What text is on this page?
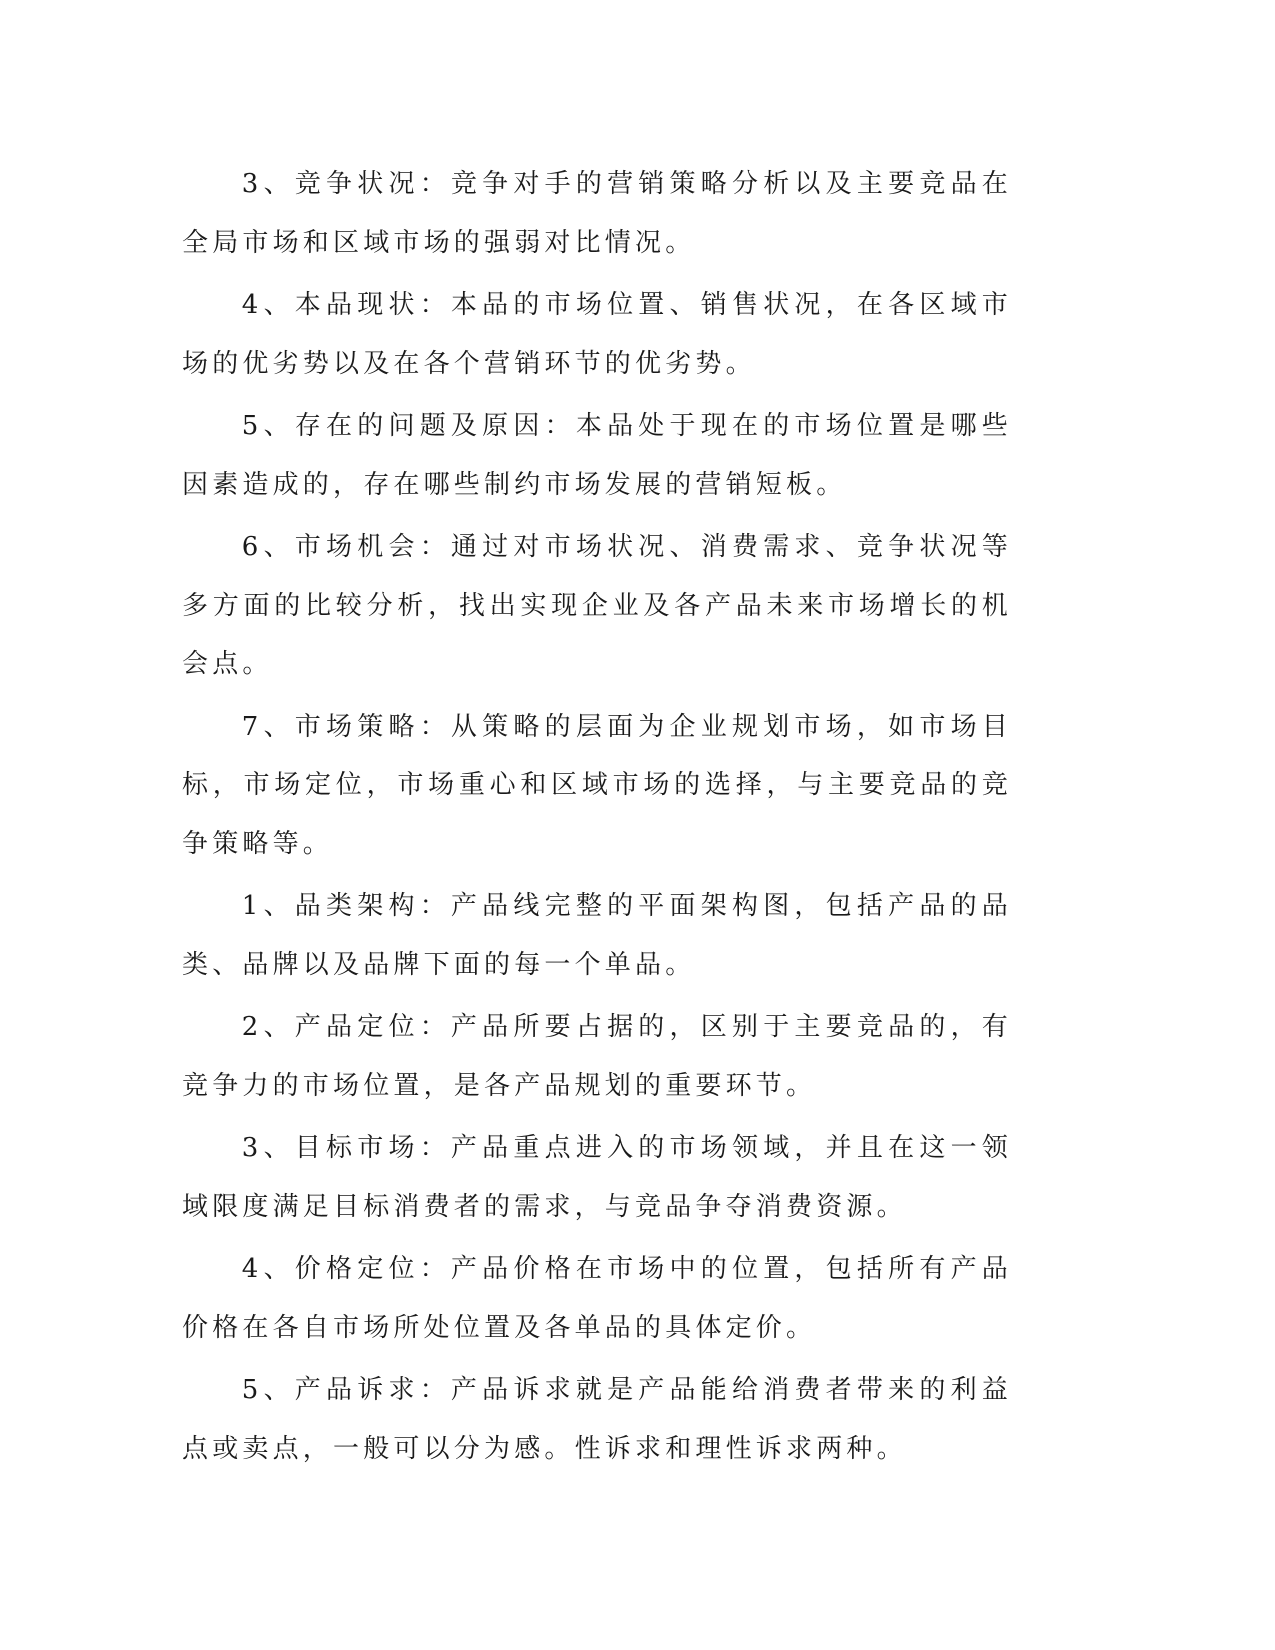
3、竞争状况：竞争对手的营销策略分析以及主要竞品在全局市场和区域市场的强弱对比情况。

4、本品现状：本品的市场位置、销售状况，在各区域市场的优劣势以及在各个营销环节的优劣势。

5、存在的问题及原因：本品处于现在的市场位置是哪些因素造成的，存在哪些制约市场发展的营销短板。

6、市场机会：通过对市场状况、消费需求、竞争状况等多方面的比较分析，找出实现企业及各产品未来市场增长的机会点。

7、市场策略：从策略的层面为企业规划市场，如市场目标，市场定位，市场重心和区域市场的选择，与主要竞品的竞争策略等。

1、品类架构：产品线完整的平面架构图，包括产品的品类、品牌以及品牌下面的每一个单品。

2、产品定位：产品所要占据的，区别于主要竞品的，有竞争力的市场位置，是各产品规划的重要环节。

3、目标市场：产品重点进入的市场领域，并且在这一领域限度满足目标消费者的需求，与竞品争夺消费资源。

4、价格定位：产品价格在市场中的位置，包括所有产品价格在各自市场所处位置及各单品的具体定价。

5、产品诉求：产品诉求就是产品能给消费者带来的利益点或卖点，一般可以分为感。性诉求和理性诉求两种。
